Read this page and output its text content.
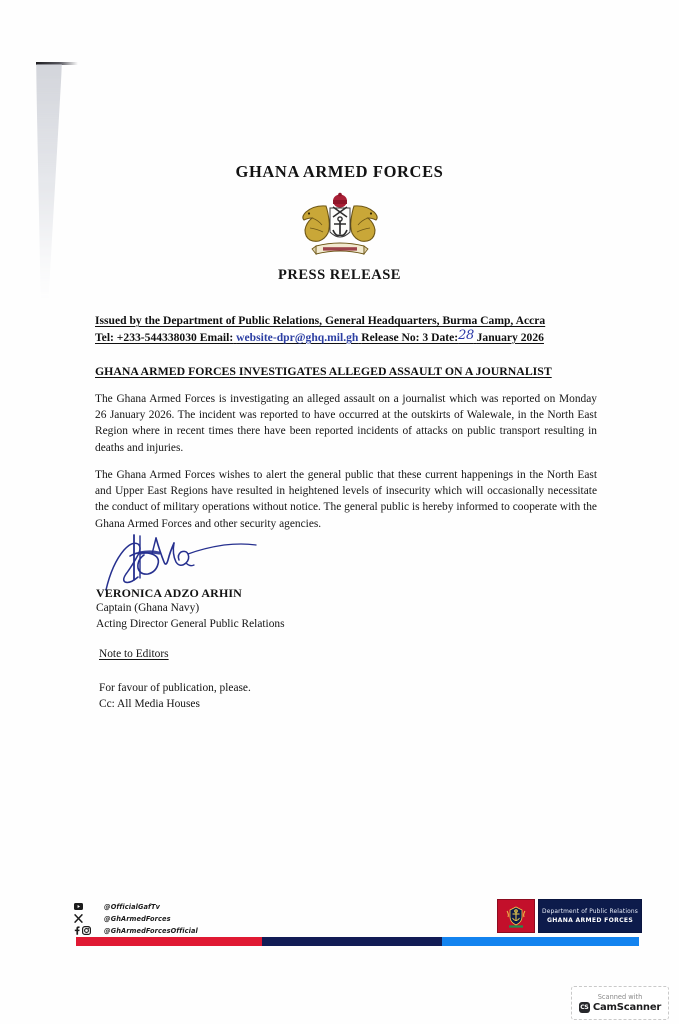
GHANA ARMED FORCES
PRESS RELEASE
Issued by the Department of Public Relations, General Headquarters, Burma Camp, Accra
Tel: +233-544338030 Email: website-dpr@ghq.mil.gh Release No: 3 Date:28 January 2026
GHANA ARMED FORCES INVESTIGATES ALLEGED ASSAULT ON A JOURNALIST
The Ghana Armed Forces is investigating an alleged assault on a journalist which was reported on Monday 26 January 2026. The incident was reported to have occurred at the outskirts of Walewale, in the North East Region where in recent times there have been reported incidents of attacks on public transport resulting in deaths and injuries.
The Ghana Armed Forces wishes to alert the general public that these current happenings in the North East and Upper East Regions have resulted in heightened levels of insecurity which will occasionally necessitate the conduct of military operations without notice. The general public is hereby informed to cooperate with the Ghana Armed Forces and other security agencies.
VERONICA ADZO ARHIN
Captain (Ghana Navy)
Acting Director General Public Relations
Note to Editors
For favour of publication, please.
Cc: All Media Houses
@OfficialGafTv
@GhArmedForces
@GhArmedForcesOfficial
Department of Public Relations
GHANA ARMED FORCES
Scanned with
CS CamScanner
